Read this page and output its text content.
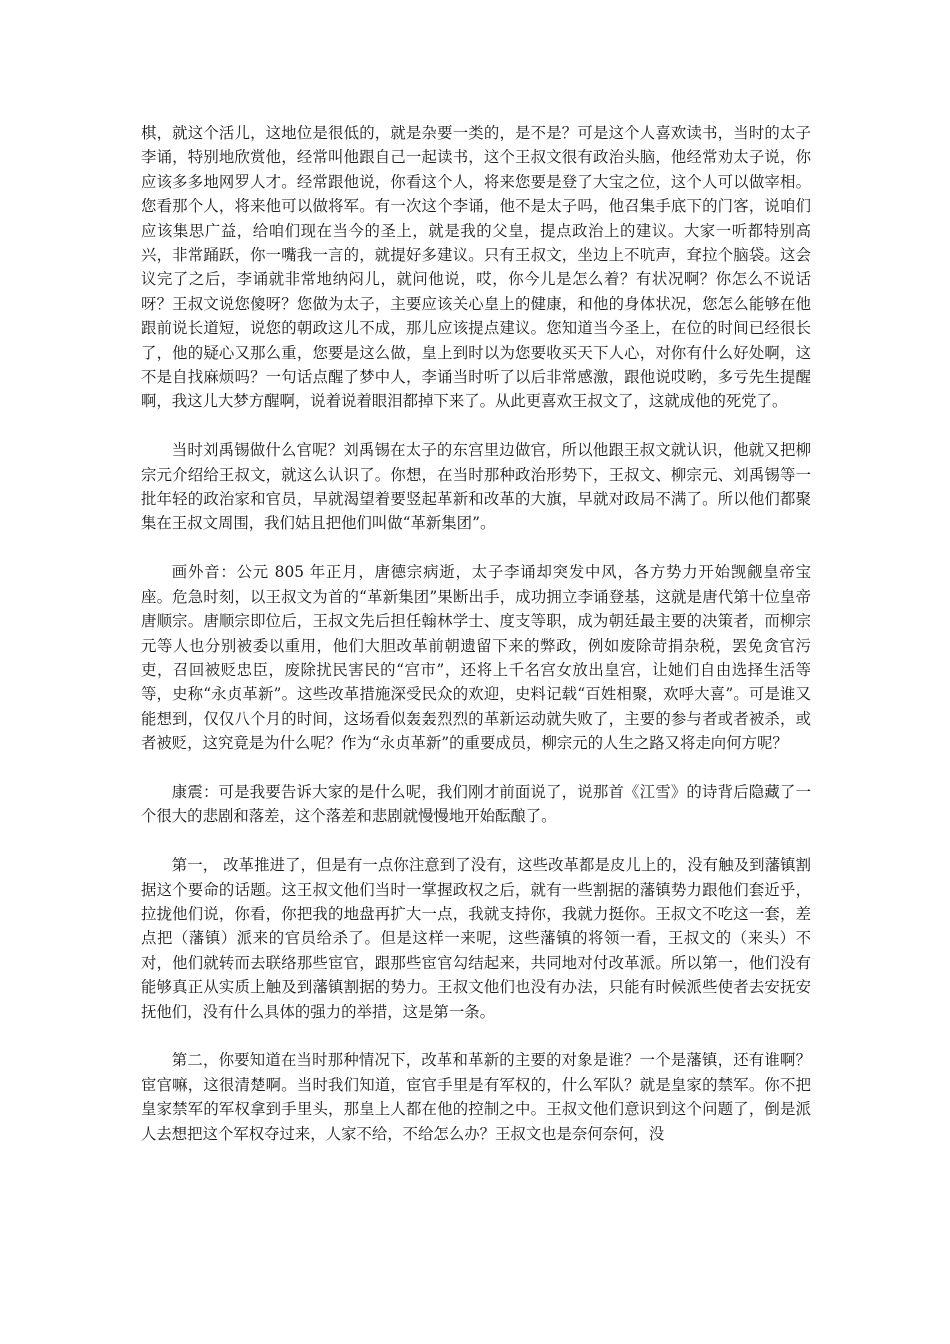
棋，就这个活儿，这地位是很低的，就是杂要一类的，是不是？可是这个人喜欢读书，当时的太子李诵，特别地欣赏他，经常叫他跟自己一起读书，这个王叔文很有政治头脑，他经常劝太子说，你应该多多地网罗人才。经常跟他说，你看这个人，将来您要是登了大宝之位，这个人可以做宰相。您看那个人，将来他可以做将军。有一次这个李诵，他不是太子吗，他召集手底下的门客，说咱们应该集思广益，给咱们现在当今的圣上，就是我的父皇，提点政治上的建议。大家一听都特别高兴，非常踊跃，你一嘴我一言的，就提好多建议。只有王叔文，坐边上不吭声，耷拉个脑袋。这会议完了之后，李诵就非常地纳闷儿，就问他说，哎，你今儿是怎么着？有状况啊？你怎么不说话呀？王叔文说您傻呀？您做为太子，主要应该关心皇上的健康，和他的身体状况，您怎么能够在他跟前说长道短，说您的朝政这儿不成，那儿应该提点建议。您知道当今圣上，在位的时间已经很长了，他的疑心又那么重，您要是这么做，皇上到时以为您要收买天下人心，对你有什么好处啊，这不是自找麻烦吗？一句话点醒了梦中人，李诵当时听了以后非常感激，跟他说哎哟，多亏先生提醒啊，我这儿大梦方醒啊，说着说着眼泪都掉下来了。从此更喜欢王叔文了，这就成他的死党了。

当时刘禹锡做什么官呢？刘禹锡在太子的东宫里边做官，所以他跟王叔文就认识，他就又把柳宗元介绍给王叔文，就这么认识了。你想，在当时那种政治形势下，王叔文、柳宗元、刘禹锡等一批年轻的政治家和官员，早就渴望着要竖起革新和改革的大旗，早就对政局不满了。所以他们都聚集在王叔文周围，我们姑且把他们叫做“革新集团”。

画外音：公元 805 年正月，唐德宗病逝，太子李诵却突发中风，各方势力开始觊觎皇帝宝座。危急时刻，以王叔文为首的“革新集团”果断出手，成功拥立李诵登基，这就是唐代第十位皇帝唐顺宗。唐顺宗即位后，王叔文先后担任翰林学士、度支等职，成为朝廷最主要的决策者，而柳宗元等人也分别被委以重用，他们大胆改革前朝遗留下来的弊政，例如废除苛捐杂税，罢免贪官污吏，召回被贬忠臣，废除扰民害民的“宫市”，还将上千名宫女放出皇宫，让她们自由选择生活等等，史称“永贞革新”。这些改革措施深受民众的欢迎，史料记载“百姓相聚，欢呼大喜”。可是谁又能想到，仅仅八个月的时间，这场看似轰轰烈烈的革新运动就失败了，主要的参与者或者被杀，或者被贬，这究竟是为什么呢？作为“永贞革新”的重要成员，柳宗元的人生之路又将走向何方呢？

康震：可是我要告诉大家的是什么呢，我们刚才前面说了，说那首《江雪》的诗背后隐藏了一个很大的悲剧和落差，这个落差和悲剧就慢慢地开始酝酿了。

第一， 改革推进了，但是有一点你注意到了没有，这些改革都是皮儿上的，没有触及到藩镇割据这个要命的话题。这王叔文他们当时一掌握政权之后，就有一些割据的藩镇势力跟他们套近乎，拉拢他们说，你看，你把我的地盘再扩大一点，我就支持你，我就力挺你。王叔文不吃这一套，差点把（藩镇）派来的官员给杀了。但是这样一来呢，这些藩镇的将领一看，王叔文的（来头）不对，他们就转而去联络那些宦官，跟那些宦官勾结起来，共同地对付改革派。所以第一，他们没有能够真正从实质上触及到藩镇割据的势力。王叔文他们也没有办法，只能有时候派些使者去安抚安抚他们，没有什么具体的强力的举措，这是第一条。

第二，你要知道在当时那种情况下，改革和革新的主要的对象是谁？一个是藩镇，还有谁啊？宦官嘛，这很清楚啊。当时我们知道，宦官手里是有军权的，什么军队？就是皇家的禁军。你不把皇家禁军的军权拿到手里头，那皇上人都在他的控制之中。王叔文他们意识到这个问题了，倒是派人去想把这个军权夺过来，人家不给，不给怎么办？王叔文也是奈何奈何，没
